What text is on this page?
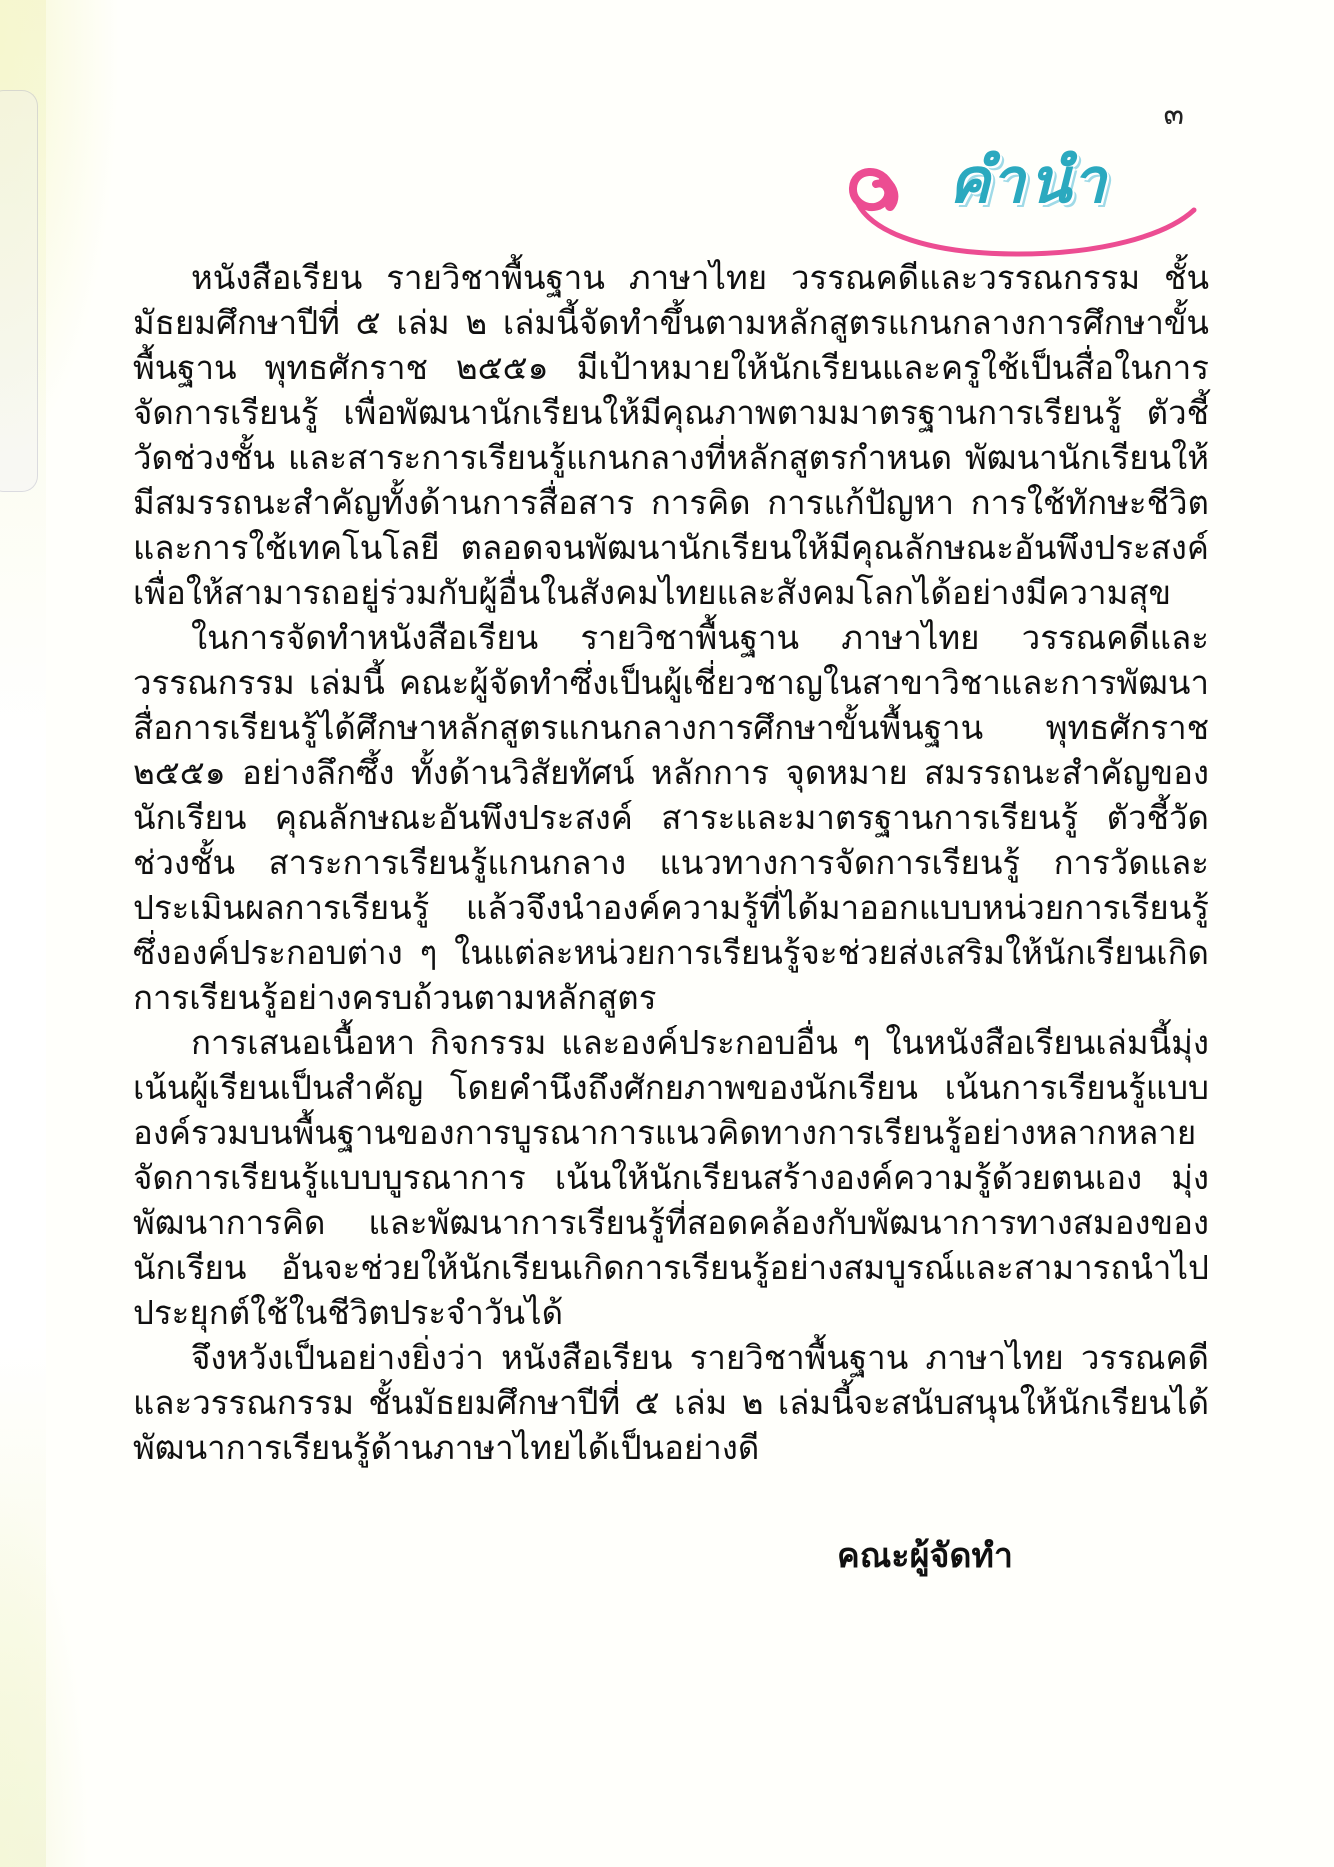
๓
คำนำ

หนังสือเรียน รายวิชาพื้นฐาน ภาษาไทย วรรณคดีและวรรณกรรม ชั้นมัธยมศึกษาปีที่ ๕ เล่ม ๒ เล่มนี้จัดทำขึ้นตามหลักสูตรแกนกลางการศึกษาขั้นพื้นฐาน พุทธศักราช ๒๕๕๑ มีเป้าหมายให้นักเรียนและครูใช้เป็นสื่อในการจัดการเรียนรู้ เพื่อพัฒนานักเรียนให้มีคุณภาพตามมาตรฐานการเรียนรู้ ตัวชี้วัดช่วงชั้น และสาระการเรียนรู้แกนกลางที่หลักสูตรกำหนด พัฒนานักเรียนให้มีสมรรถนะสำคัญทั้งด้านการสื่อสาร การคิด การแก้ปัญหา การใช้ทักษะชีวิต และการใช้เทคโนโลยี ตลอดจนพัฒนานักเรียนให้มีคุณลักษณะอันพึงประสงค์ เพื่อให้สามารถอยู่ร่วมกับผู้อื่นในสังคมไทยและสังคมโลกได้อย่างมีความสุข

ในการจัดทำหนังสือเรียน รายวิชาพื้นฐาน ภาษาไทย วรรณคดีและวรรณกรรม เล่มนี้ คณะผู้จัดทำซึ่งเป็นผู้เชี่ยวชาญในสาขาวิชาและการพัฒนาสื่อการเรียนรู้ได้ศึกษาหลักสูตรแกนกลางการศึกษาขั้นพื้นฐาน พุทธศักราช ๒๕๕๑ อย่างลึกซึ้ง ทั้งด้านวิสัยทัศน์ หลักการ จุดหมาย สมรรถนะสำคัญของนักเรียน คุณลักษณะอันพึงประสงค์ สาระและมาตรฐานการเรียนรู้ ตัวชี้วัดช่วงชั้น สาระการเรียนรู้แกนกลาง แนวทางการจัดการเรียนรู้ การวัดและประเมินผลการเรียนรู้ แล้วจึงนำองค์ความรู้ที่ได้มาออกแบบหน่วยการเรียนรู้ ซึ่งองค์ประกอบต่าง ๆ ในแต่ละหน่วยการเรียนรู้จะช่วยส่งเสริมให้นักเรียนเกิดการเรียนรู้อย่างครบถ้วนตามหลักสูตร

การเสนอเนื้อหา กิจกรรม และองค์ประกอบอื่น ๆ ในหนังสือเรียนเล่มนี้มุ่งเน้นผู้เรียนเป็นสำคัญ โดยคำนึงถึงศักยภาพของนักเรียน เน้นการเรียนรู้แบบองค์รวมบนพื้นฐานของการบูรณาการแนวคิดทางการเรียนรู้อย่างหลากหลาย จัดการเรียนรู้แบบบูรณาการ เน้นให้นักเรียนสร้างองค์ความรู้ด้วยตนเอง มุ่งพัฒนาการคิด และพัฒนาการเรียนรู้ที่สอดคล้องกับพัฒนาการทางสมองของนักเรียน อันจะช่วยให้นักเรียนเกิดการเรียนรู้อย่างสมบูรณ์และสามารถนำไปประยุกต์ใช้ในชีวิตประจำวันได้

จึงหวังเป็นอย่างยิ่งว่า หนังสือเรียน รายวิชาพื้นฐาน ภาษาไทย วรรณคดีและวรรณกรรม ชั้นมัธยมศึกษาปีที่ ๕ เล่ม ๒ เล่มนี้จะสนับสนุนให้นักเรียนได้พัฒนาการเรียนรู้ด้านภาษาไทยได้เป็นอย่างดี

คณะผู้จัดทำ
